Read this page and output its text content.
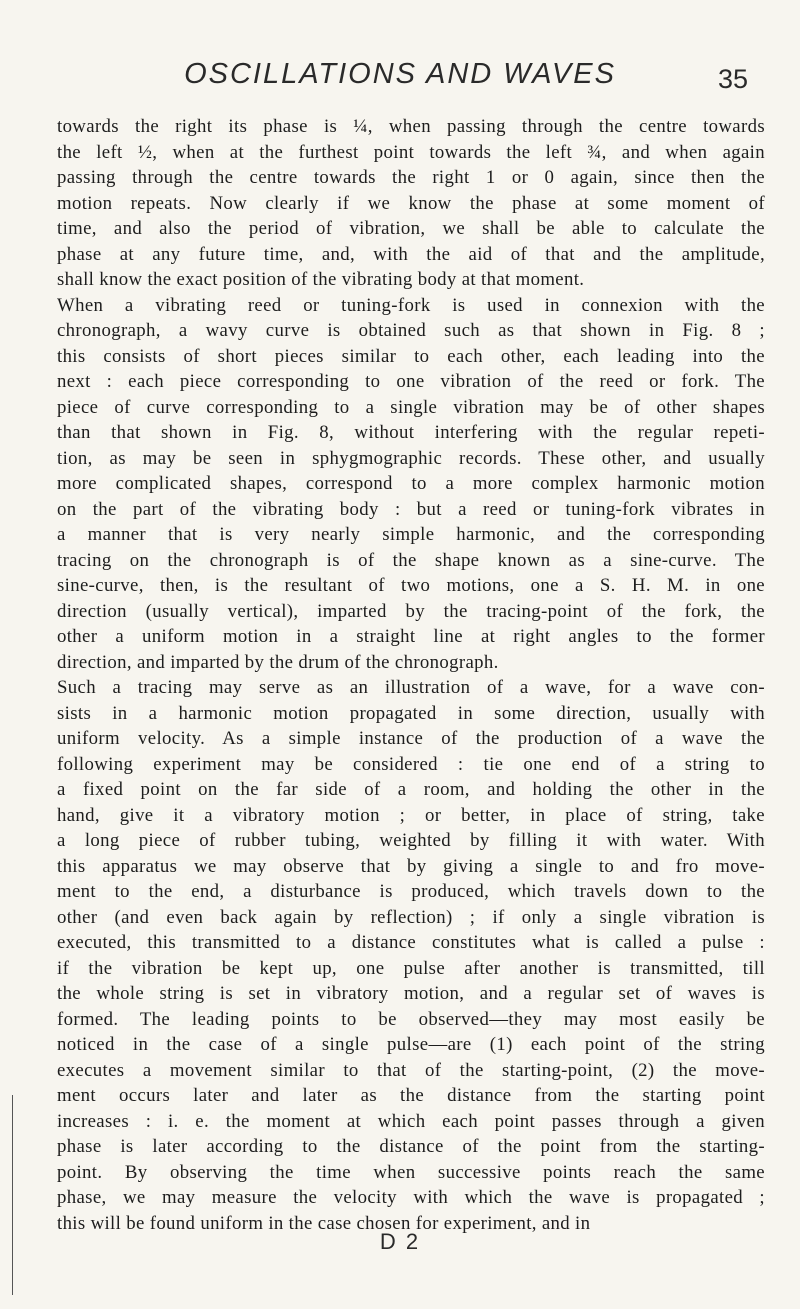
OSCILLATIONS AND WAVES	35
towards the right its phase is ¼, when passing through the centre towards
the left ½, when at the furthest point towards the left ¾, and when again
passing through the centre towards the right 1 or 0 again, since then the
motion repeats. Now clearly if we know the phase at some moment of
time, and also the period of vibration, we shall be able to calculate the
phase at any future time, and, with the aid of that and the amplitude,
shall know the exact position of the vibrating body at that moment.
When a vibrating reed or tuning-fork is used in connexion with the
chronograph, a wavy curve is obtained such as that shown in Fig. 8 ;
this consists of short pieces similar to each other, each leading into the
next : each piece corresponding to one vibration of the reed or fork. The
piece of curve corresponding to a single vibration may be of other shapes
than that shown in Fig. 8, without interfering with the regular repeti-
tion, as may be seen in sphygmographic records. These other, and usually
more complicated shapes, correspond to a more complex harmonic motion
on the part of the vibrating body : but a reed or tuning-fork vibrates in
a manner that is very nearly simple harmonic, and the corresponding
tracing on the chronograph is of the shape known as a sine-curve. The
sine-curve, then, is the resultant of two motions, one a S. H. M. in one
direction (usually vertical), imparted by the tracing-point of the fork, the
other a uniform motion in a straight line at right angles to the former
direction, and imparted by the drum of the chronograph.
Such a tracing may serve as an illustration of a wave, for a wave con-
sists in a harmonic motion propagated in some direction, usually with
uniform velocity. As a simple instance of the production of a wave the
following experiment may be considered : tie one end of a string to
a fixed point on the far side of a room, and holding the other in the
hand, give it a vibratory motion ; or better, in place of string, take
a long piece of rubber tubing, weighted by filling it with water. With
this apparatus we may observe that by giving a single to and fro move-
ment to the end, a disturbance is produced, which travels down to the
other (and even back again by reflection) ; if only a single vibration is
executed, this transmitted to a distance constitutes what is called a pulse :
if the vibration be kept up, one pulse after another is transmitted, till
the whole string is set in vibratory motion, and a regular set of waves is
formed. The leading points to be observed—they may most easily be
noticed in the case of a single pulse—are (1) each point of the string
executes a movement similar to that of the starting-point, (2) the move-
ment occurs later and later as the distance from the starting point
increases : i. e. the moment at which each point passes through a given
phase is later according to the distance of the point from the starting-
point. By observing the time when successive points reach the same
phase, we may measure the velocity with which the wave is propagated ;
this will be found uniform in the case chosen for experiment, and in
D 2
